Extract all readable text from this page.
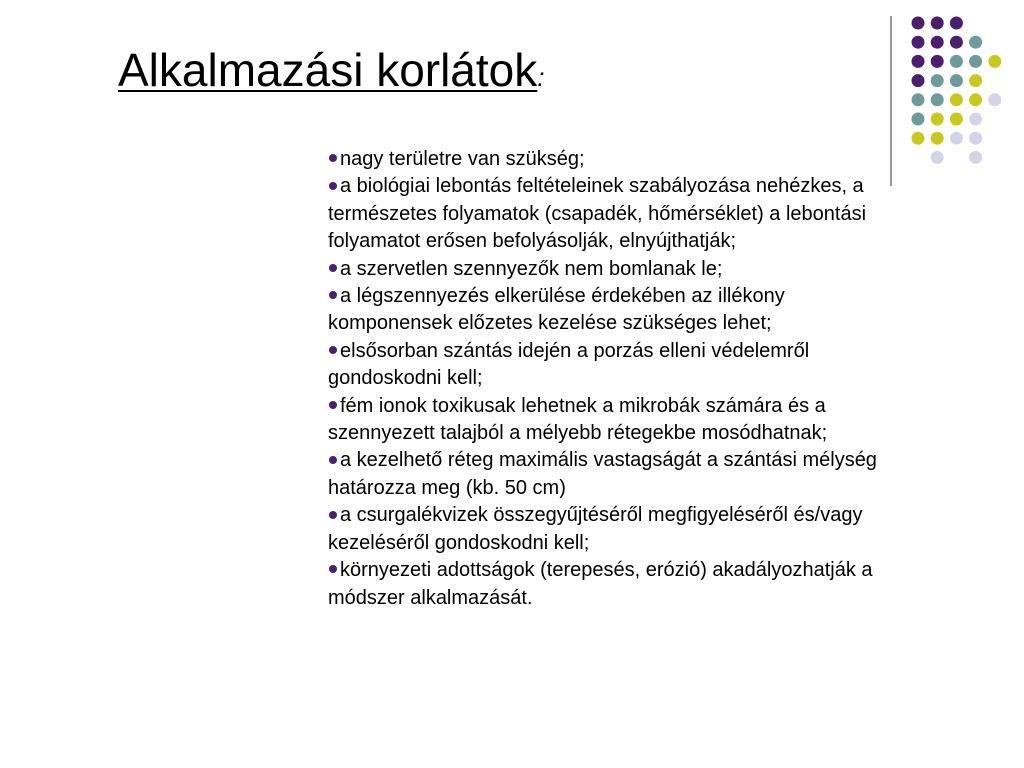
Alkalmazási korlátok:

nagy területre van szükség;

a biológiai lebontás feltételeinek szabályozása nehézkes, a természetes folyamatok (csapadék, hőmérséklet) a lebontási folyamatot erősen befolyásolják, elnyújthatják;

a szervetlen szennyezők nem bomlanak le;

a légszennyezés elkerülése érdekében az illékony komponensek előzetes kezelése szükséges lehet;

elsősorban szántás idején a porzás elleni védelemről gondoskodni kell;

fém ionok toxikusak lehetnek a mikrobák számára és a szennyezett talajból a mélyebb rétegekbe mosódhatnak;

a kezelhető réteg maximális vastagságát a szántási mélység határozza meg (kb. 50 cm)

a csurgalékvizek összegyűjtéséről megfigyeléséről és/vagy kezeléséről gondoskodni kell;

környezeti adottságok (terepesés, erózió) akadályozhatják a módszer alkalmazását.
